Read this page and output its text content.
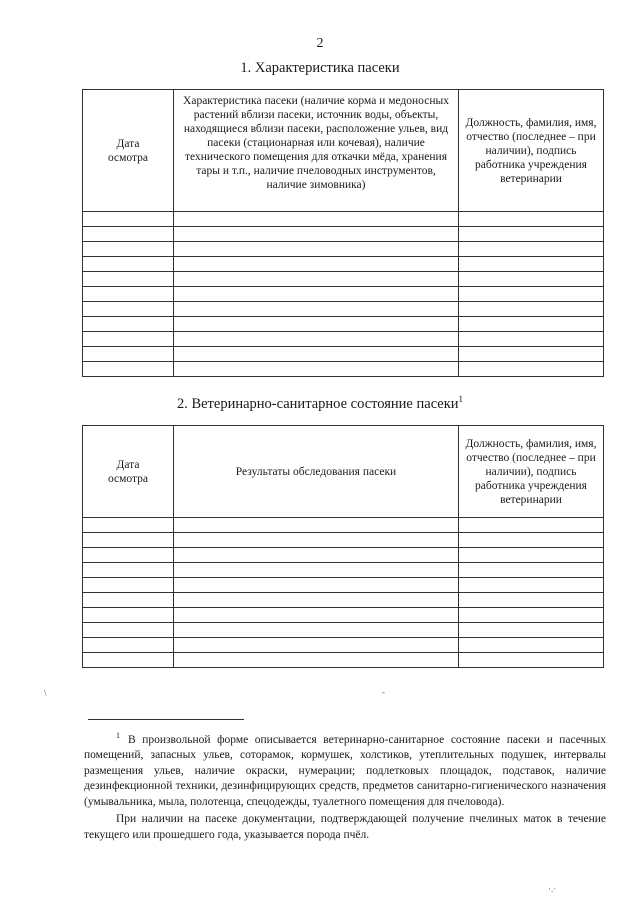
2
1. Характеристика пасеки
Дата осмотра	Характеристика пасеки (наличие корма и медоносных растений вблизи пасеки, источник воды, объекты, находящиеся вблизи пасеки, расположение ульев, вид пасеки (стационарная или кочевая), наличие технического помещения для откачки мёда, хранения тары и т.п., наличие пчеловодных инструментов, наличие зимовника)	Должность, фамилия, имя, отчество (последнее – при наличии), подпись работника учреждения ветеринарии

2. Ветеринарно-санитарное состояние пасеки$^1$
Дата осмотра	Результаты обследования пасеки	Должность, фамилия, имя, отчество (последнее – при наличии), подпись работника учреждения ветеринарии

$^1$ В произвольной форме описывается ветеринарно-санитарное состояние пасеки и пасечных помещений, запасных ульев, сотoрамок, кормушек, холстиков, утеплительных подушек, интервалы размещения ульев, наличие окраски, нумерации; подлетковых площадок, подставок, наличие дезинфекционной техники, дезинфицирующих средств, предметов санитарно-гигиенического назначения (умывальника, мыла, полотенца, спецодежды, туалетного помещения для пчеловода).

При наличии на пасеке документации, подтверждающей получение пчелиных маток в течение текущего или прошедшего года, указывается порода пчёл.

\	-
·.·
